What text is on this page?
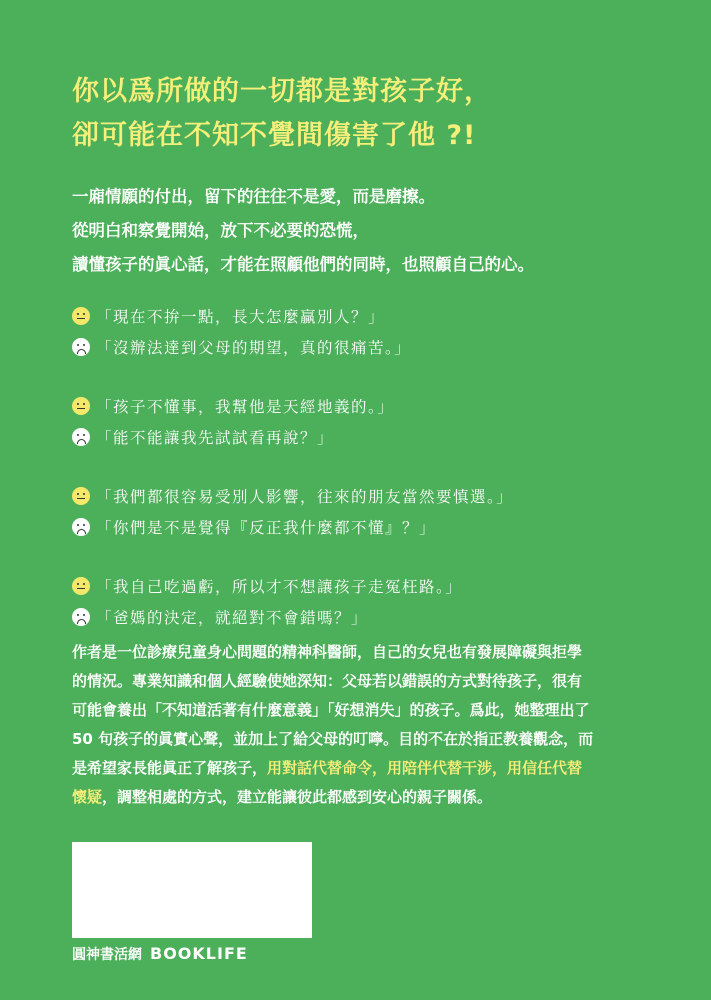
你以爲所做的一切都是對孩子好，
卻可能在不知不覺間傷害了他 ?!
一廂情願的付出，留下的往往不是愛，而是磨擦。
從明白和察覺開始，放下不必要的恐慌，
讀懂孩子的眞心話，才能在照顧他們的同時，也照顧自己的心。
「現在不拚一點，長大怎麼贏別人？」
「沒辦法達到父母的期望，真的很痛苦。」
「孩子不懂事，我幫他是天經地義的。」
「能不能讓我先試試看再說？」
「我們都很容易受別人影響，往來的朋友當然要慎選。」
「你們是不是覺得『反正我什麼都不懂』？」
「我自己吃過虧，所以才不想讓孩子走冤枉路。」
「爸媽的決定，就絕對不會錯嗎？」
作者是一位診療兒童身心問題的精神科醫師，自己的女兒也有發展障礙與拒學
的情況。專業知識和個人經驗使她深知：父母若以錯誤的方式對待孩子，很有
可能會養出「不知道活著有什麼意義」「好想消失」的孩子。爲此，她整理出了
50 句孩子的眞實心聲，並加上了給父母的叮嚀。目的不在於指正教養觀念，而
是希望家長能眞正了解孩子，用對話代替命令，用陪伴代替干涉，用信任代替
懷疑，調整相處的方式，建立能讓彼此都感到安心的親子關係。
圓神書活網 BOOKLIFE
